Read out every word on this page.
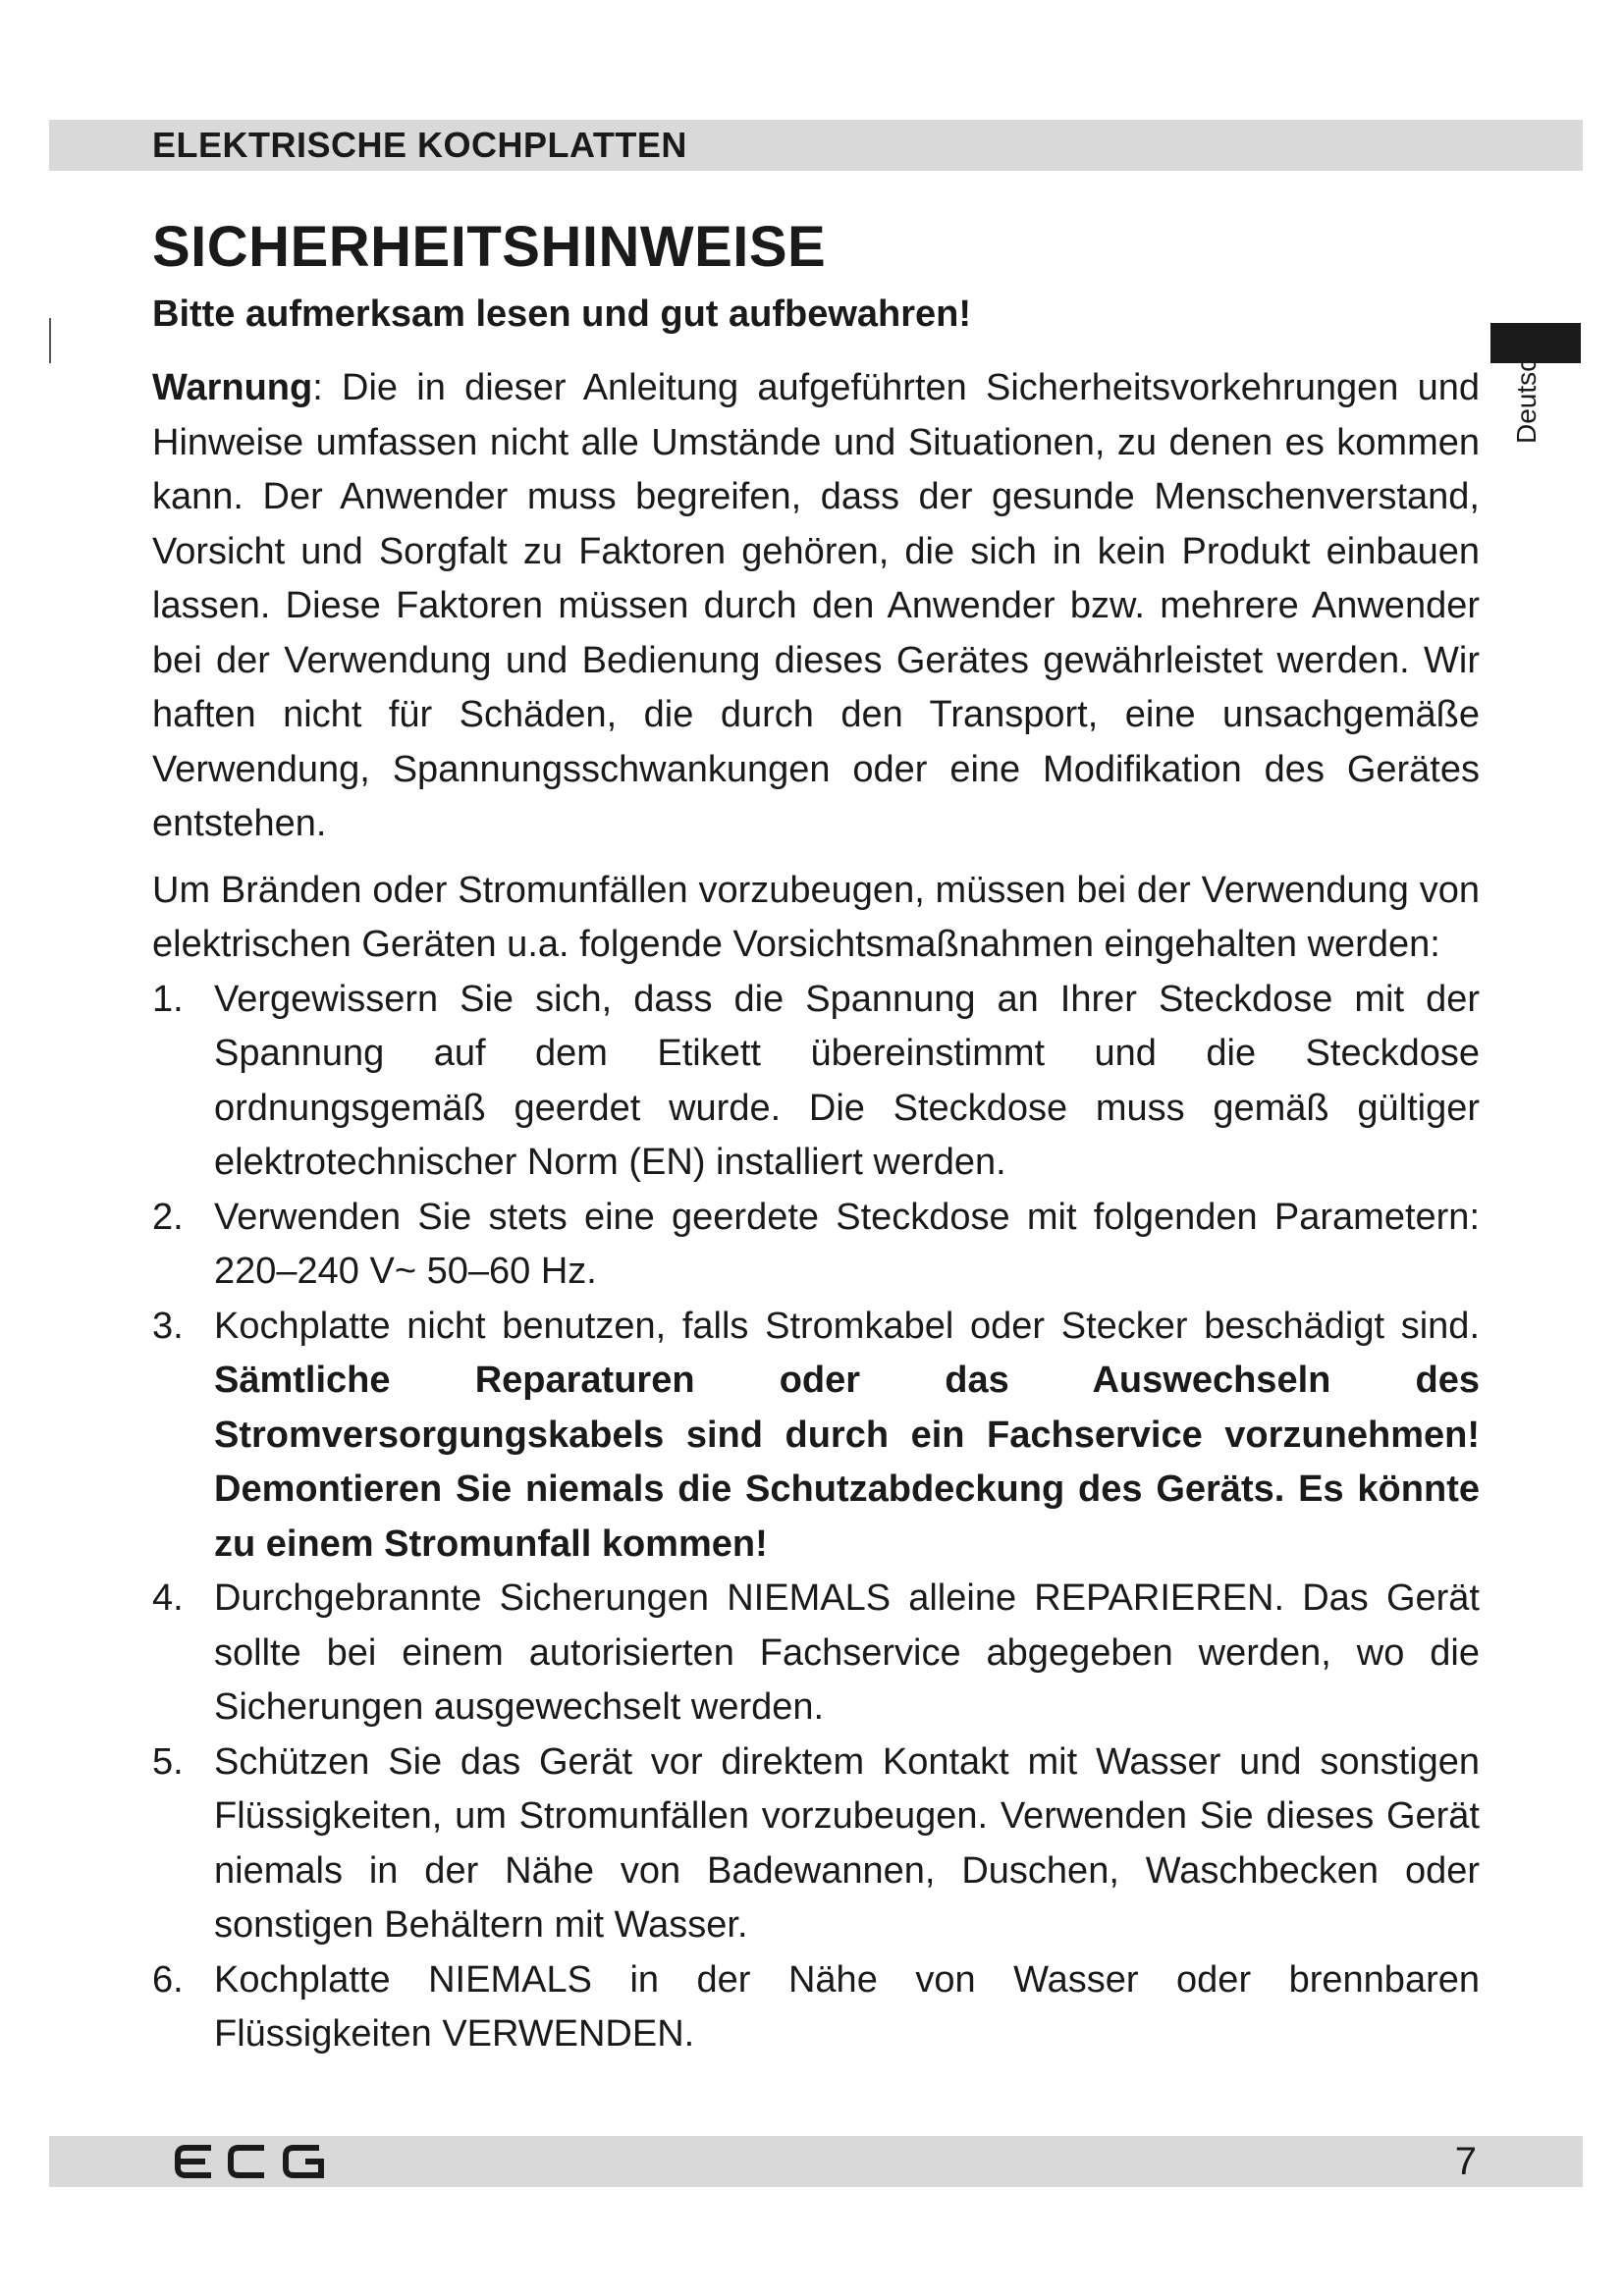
ELEKTRISCHE KOCHPLATTEN
SICHERHEITSHINWEISE
Bitte aufmerksam lesen und gut aufbewahren!
Deutsch

Warnung: Die in dieser Anleitung aufgeführten Sicherheitsvorkehrungen und Hinweise umfassen nicht alle Umstände und Situationen, zu denen es kommen kann. Der Anwender muss begreifen, dass der gesunde Menschenverstand, Vorsicht und Sorgfalt zu Faktoren gehören, die sich in kein Produkt einbauen lassen. Diese Faktoren müssen durch den Anwender bzw. mehrere Anwender bei der Verwendung und Bedienung dieses Gerätes gewährleistet werden. Wir haften nicht für Schäden, die durch den Transport, eine unsachgemäße Verwendung, Spannungsschwankungen oder eine Modifikation des Gerätes entstehen.

Um Bränden oder Stromunfällen vorzubeugen, müssen bei der Verwendung von elektrischen Geräten u.a. folgende Vorsichtsmaßnahmen eingehalten werden:

1. Vergewissern Sie sich, dass die Spannung an Ihrer Steckdose mit der Spannung auf dem Etikett übereinstimmt und die Steckdose ordnungsgemäß geerdet wurde. Die Steckdose muss gemäß gültiger elektrotechnischer Norm (EN) installiert werden.
2. Verwenden Sie stets eine geerdete Steckdose mit folgenden Parametern: 220–240 V~ 50–60 Hz.
3. Kochplatte nicht benutzen, falls Stromkabel oder Stecker beschädigt sind. Sämtliche Reparaturen oder das Auswechseln des Stromversorgungskabels sind durch ein Fachservice vorzunehmen! Demontieren Sie niemals die Schutzabdeckung des Geräts. Es könnte zu einem Stromunfall kommen!
4. Durchgebrannte Sicherungen NIEMALS alleine REPARIEREN. Das Gerät sollte bei einem autorisierten Fachservice abgegeben werden, wo die Sicherungen ausgewechselt werden.
5. Schützen Sie das Gerät vor direktem Kontakt mit Wasser und sonstigen Flüssigkeiten, um Stromunfällen vorzubeugen. Verwenden Sie dieses Gerät niemals in der Nähe von Badewannen, Duschen, Waschbecken oder sonstigen Behältern mit Wasser.
6. Kochplatte NIEMALS in der Nähe von Wasser oder brennbaren Flüssigkeiten VERWENDEN.
7
